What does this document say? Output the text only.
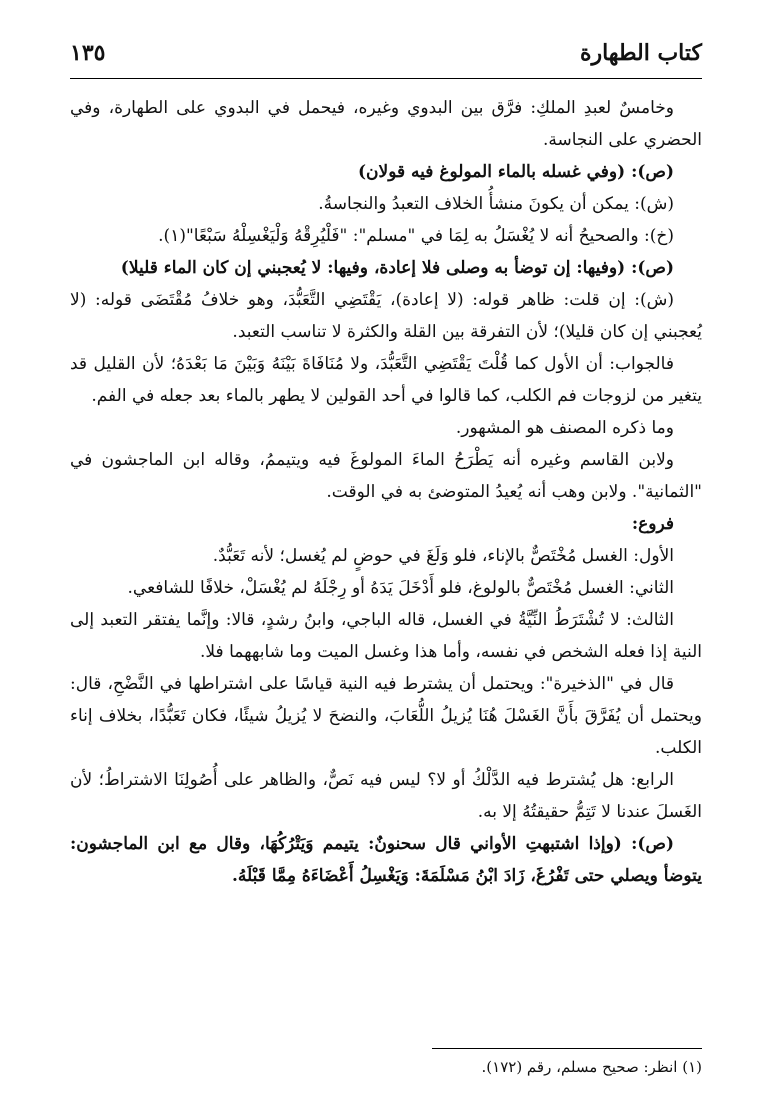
كتاب الطهارة
١٣٥

وخامسٌ لعبدِ الملكِ: فرَّق بين البدوي وغيره، فيحمل في البدوي على الطهارة، وفي الحضري على النجاسة.

(ص): (وفي غسله بالماء المولوغ فيه قولان)

(ش): يمكن أن يكونَ منشأُ الخلاف التعبدُ والنجاسةُ.

(خ): والصحيحُ أنه لا يُغْسَلُ به لِمَا في "مسلم": "فَلْيُرِقْهُ وَلْيَغْسِلْهُ سَبْعًا"(١).

(ص): (وفيها: إن توضأ به وصلى فلا إعادة، وفيها: لا يُعجبني إن كان الماء قليلا)

(ش): إن قلت: ظاهر قوله: (لا إعادة)، يَقْتَضِي التَّعَبُّدَ، وهو خلافُ مُقْتَضَى قوله: (لا يُعجبني إن كان قليلا)؛ لأن التفرقة بين القلة والكثرة لا تناسب التعبد.

فالجواب: أن الأول كما قُلْتَ يَقْتَضِي التَّعَبُّدَ، ولا مُنَافَاةَ بَيْنَهُ وَبَيْنَ مَا بَعْدَهُ؛ لأن القليل قد يتغير من لزوجات فم الكلب، كما قالوا في أحد القولين لا يطهر بالماء بعد جعله في الفم.

وما ذكره المصنف هو المشهور.

ولابن القاسم وغيره أنه يَطْرَحُ الماءَ المولوغَ فيه ويتيممُ، وقاله ابن الماجشون في "الثمانية". ولابن وهب أنه يُعيدُ المتوضئ به في الوقت.

فروع:

الأول: الغسل مُخْتَصٌّ بالإناء، فلو وَلَغَ في حوضٍ لم يُغسل؛ لأنه تَعَبُّدٌ.

الثاني: الغسل مُخْتَصٌّ بالولوغ، فلو أَدْخَلَ يَدَهُ أو رِجْلَهُ لم يُغْسَلْ، خلافًا للشافعي.

الثالث: لا تُشْتَرَطُ النِّيَّةُ في الغسل، قاله الباجي، وابنُ رشدٍ، قالا: وإنَّما يفتقر التعبد إلى النية إذا فعله الشخص في نفسه، وأما هذا وغسل الميت وما شابههما فلا.

قال في "الذخيرة": ويحتمل أن يشترط فيه النية قياسًا على اشتراطها في النَّضْحِ، قال: ويحتمل أن يُفَرَّقَ بأَنَّ الغَسْلَ هُنَا يُزيلُ اللُّعَابَ، والنضحَ لا يُزيلُ شيئًا، فكان تَعَبُّدًا، بخلاف إناء الكلب.

الرابع: هل يُشترط فيه الدَّلْكُ أو لا؟ ليس فيه نَصٌّ، والظاهر على أُصُولِنَا الاشتراطُ؛ لأن الغَسلَ عندنا لا تَتِمُّ حقيقتُهُ إلا به.

(ص): (وإذا اشتبهتِ الأواني قال سحنونٌ: يتيمم وَيَتْرُكُهَا، وقال مع ابن الماجشون: يتوضأ ويصلي حتى تَفْرُغَ، زَادَ ابْنُ مَسْلَمَةَ: وَيَغْسِلُ أَعْضَاءَهُ مِمَّا قَبْلَهُ.

(١) انظر: صحيح مسلم، رقم (١٧٢).
